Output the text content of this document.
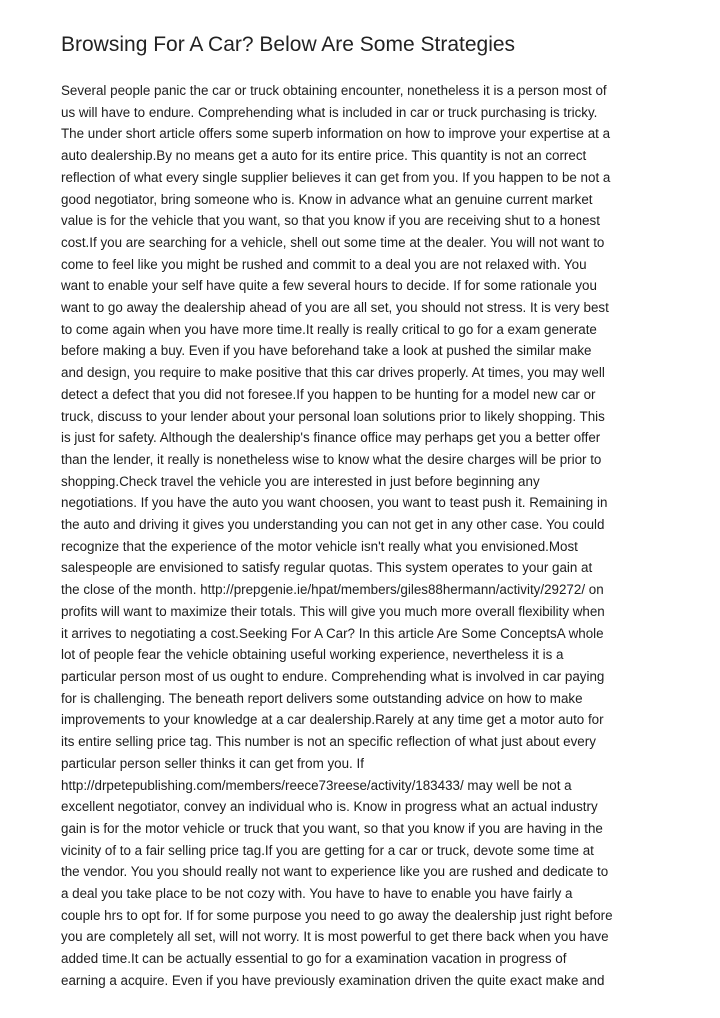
Browsing For A Car? Below Are Some Strategies
Several people panic the car or truck obtaining encounter, nonetheless it is a person most of
us will have to endure. Comprehending what is included in car or truck purchasing is tricky.
The under short article offers some superb information on how to improve your expertise at a
auto dealership.By no means get a auto for its entire price. This quantity is not an correct
reflection of what every single supplier believes it can get from you. If you happen to be not a
good negotiator, bring someone who is. Know in advance what an genuine current market
value is for the vehicle that you want, so that you know if you are receiving shut to a honest
cost.If you are searching for a vehicle, shell out some time at the dealer. You will not want to
come to feel like you might be rushed and commit to a deal you are not relaxed with. You
want to enable your self have quite a few several hours to decide. If for some rationale you
want to go away the dealership ahead of you are all set, you should not stress. It is very best
to come again when you have more time.It really is really critical to go for a exam generate
before making a buy. Even if you have beforehand take a look at pushed the similar make
and design, you require to make positive that this car drives properly. At times, you may well
detect a defect that you did not foresee.If you happen to be hunting for a model new car or
truck, discuss to your lender about your personal loan solutions prior to likely shopping. This
is just for safety. Although the dealership's finance office may perhaps get you a better offer
than the lender, it really is nonetheless wise to know what the desire charges will be prior to
shopping.Check travel the vehicle you are interested in just before beginning any
negotiations. If you have the auto you want choosen, you want to teast push it. Remaining in
the auto and driving it gives you understanding you can not get in any other case. You could
recognize that the experience of the motor vehicle isn't really what you envisioned.Most
salespeople are envisioned to satisfy regular quotas. This system operates to your gain at
the close of the month. http://prepgenie.ie/hpat/members/giles88hermann/activity/29272/ on
profits will want to maximize their totals. This will give you much more overall flexibility when
it arrives to negotiating a cost.Seeking For A Car? In this article Are Some ConceptsA whole
lot of people fear the vehicle obtaining useful working experience, nevertheless it is a
particular person most of us ought to endure. Comprehending what is involved in car paying
for is challenging. The beneath report delivers some outstanding advice on how to make
improvements to your knowledge at a car dealership.Rarely at any time get a motor auto for
its entire selling price tag. This number is not an specific reflection of what just about every
particular person seller thinks it can get from you. If
http://drpetepublishing.com/members/reece73reese/activity/183433/ may well be not a
excellent negotiator, convey an individual who is. Know in progress what an actual industry
gain is for the motor vehicle or truck that you want, so that you know if you are having in the
vicinity of to a fair selling price tag.If you are getting for a car or truck, devote some time at
the vendor. You you should really not want to experience like you are rushed and dedicate to
a deal you take place to be not cozy with. You have to have to enable you have fairly a
couple hrs to opt for. If for some purpose you need to go away the dealership just right before
you are completely all set, will not worry. It is most powerful to get there back when you have
added time.It can be actually essential to go for a examination vacation in progress of
earning a acquire. Even if you have previously examination driven the quite exact make and
